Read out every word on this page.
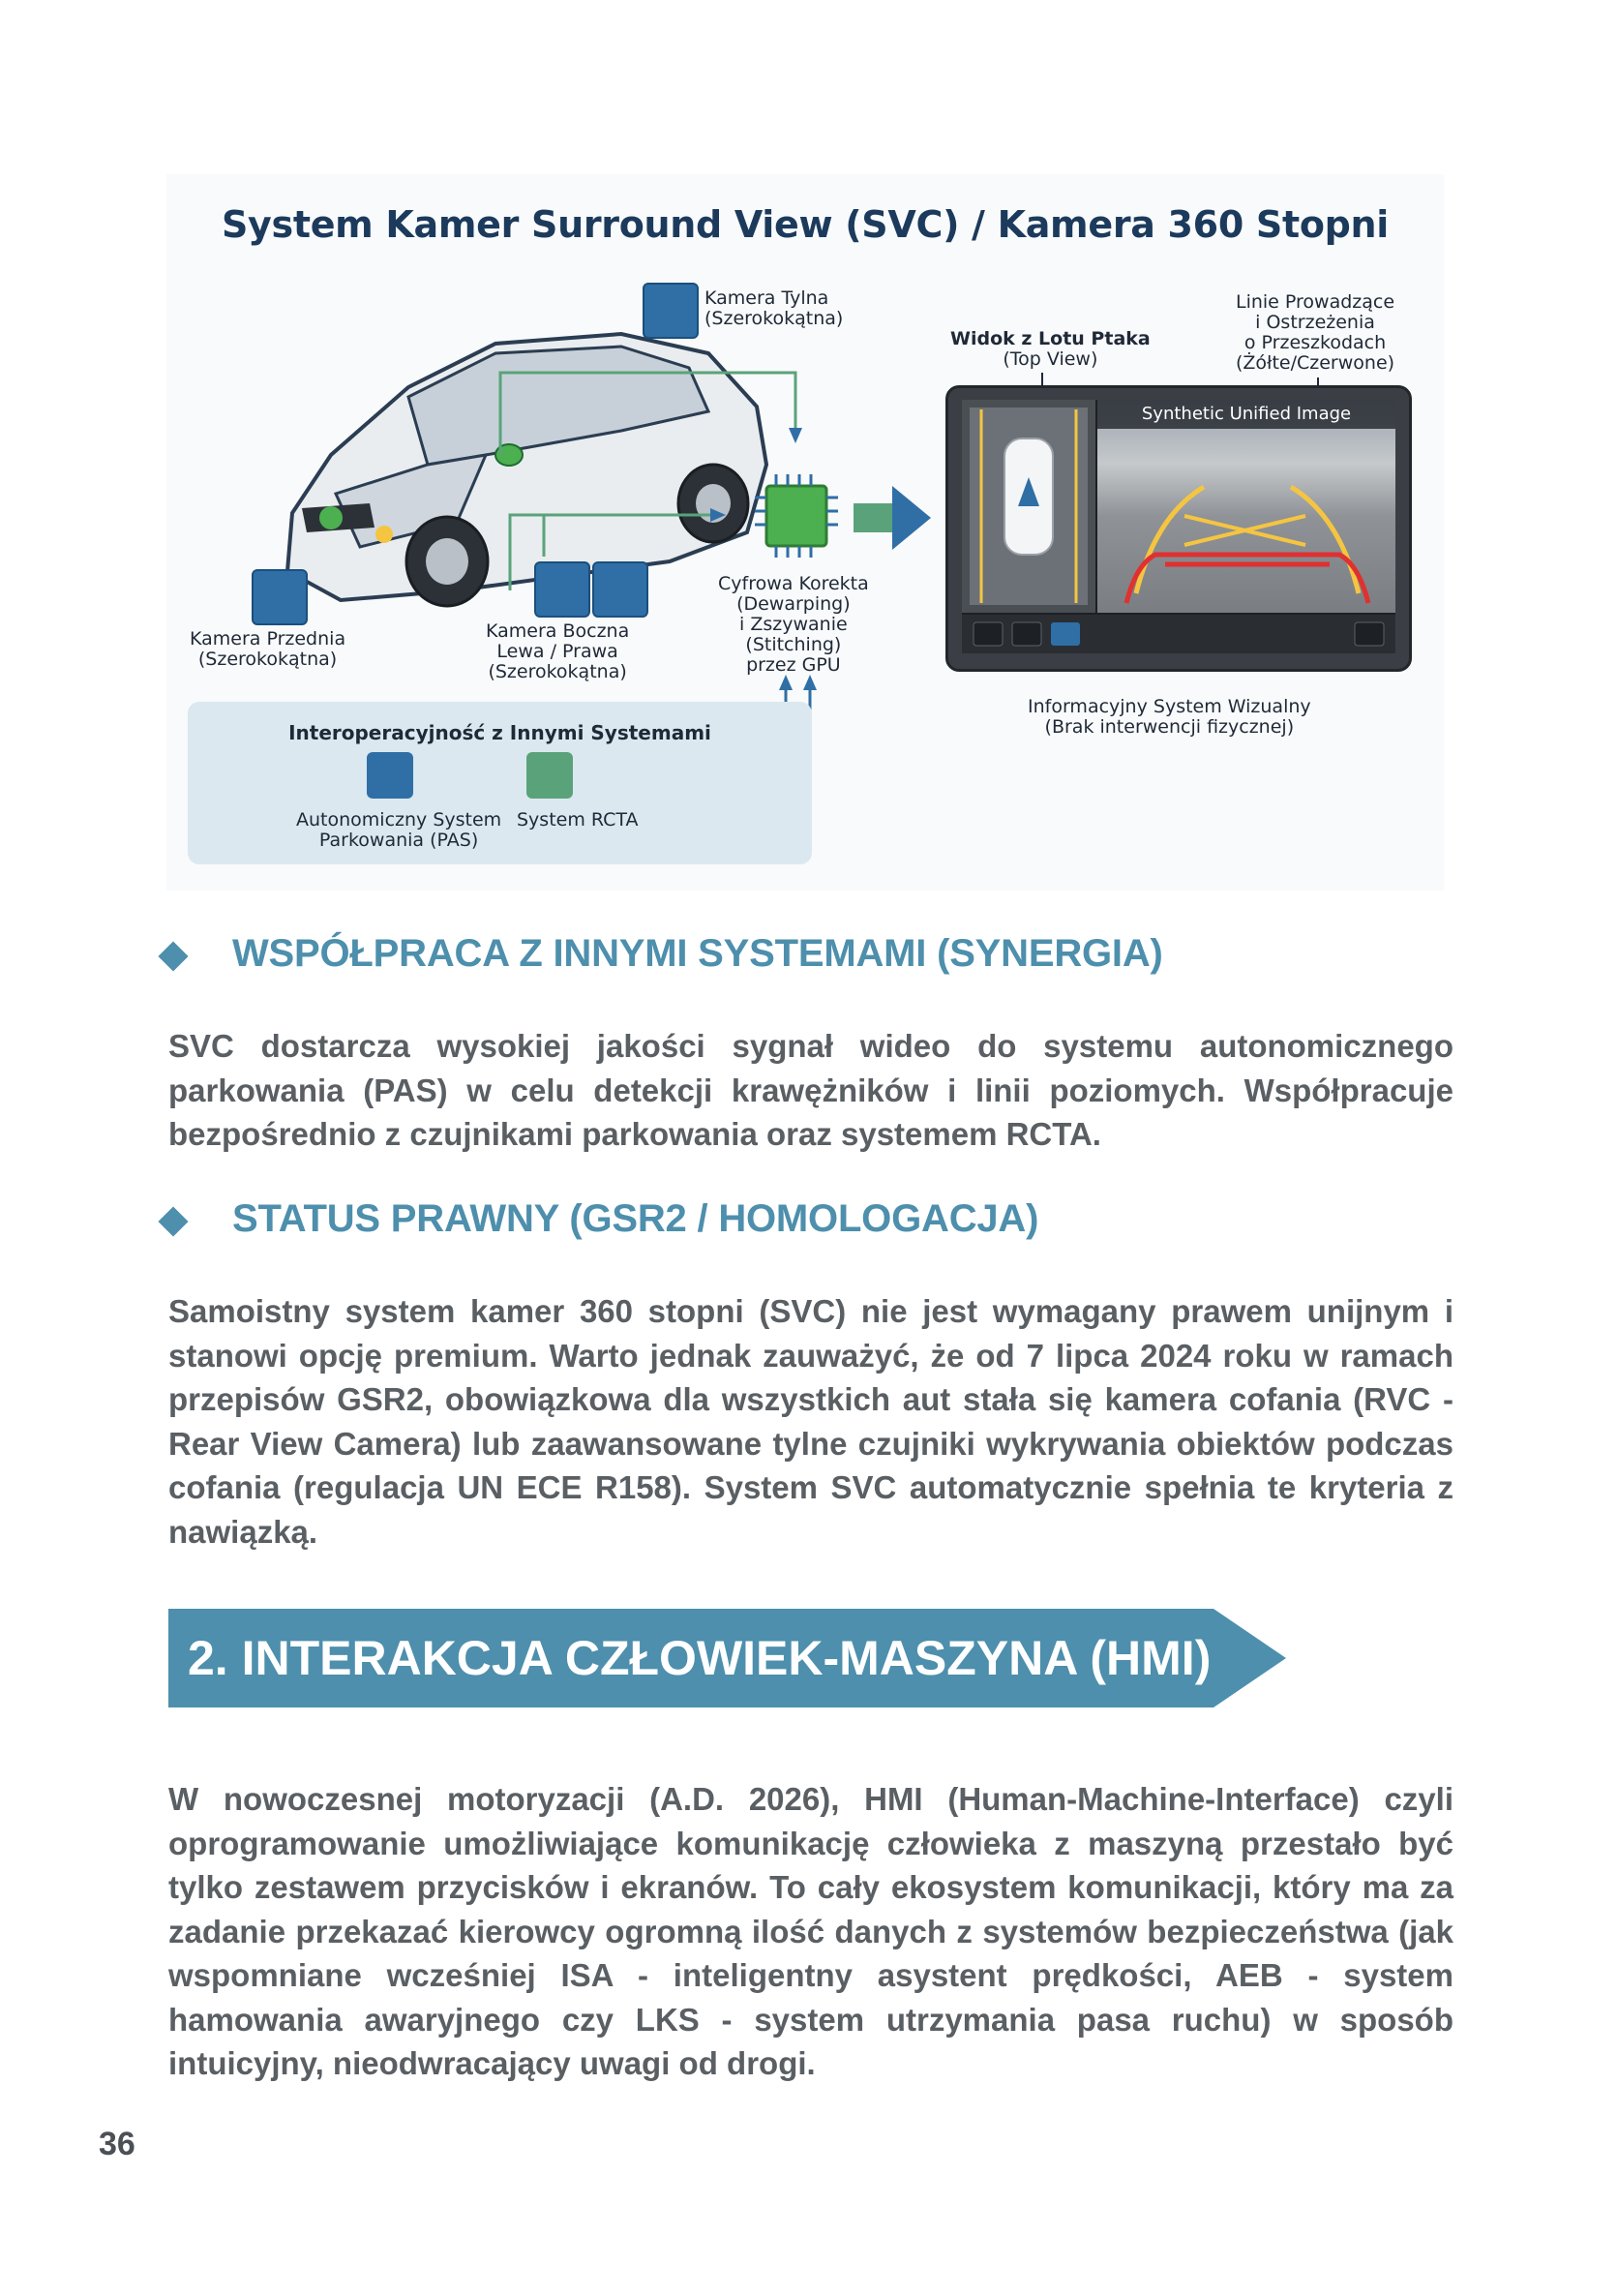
System Kamer Surround View (SVC) / Kamera 360 Stopni
Kamera Tylna
(Szerokokątna)
Kamera Przednia
(Szerokokątna)
Kamera Boczna
Lewa / Prawa
(Szerokokątna)
Cyfrowa Korekta
(Dewarping)
i Zszywanie
(Stitching)
przez GPU
Widok z Lotu Ptaka
(Top View)
Linie Prowadzące
i Ostrzeżenia
o Przeszkodach
(Żółte/Czerwone)
Informacyjny System Wizualny
(Brak interwencji fizycznej)
Synthetic Unified Image
Interoperacyjność z Innymi Systemami
Autonomiczny System
Parkowania (PAS)
System RCTA
WSPÓŁPRACA Z INNYMI SYSTEMAMI (SYNERGIA)
SVC dostarcza wysokiej jakości sygnał wideo do systemu autonomicznego parkowania (PAS) w celu detekcji krawężników i linii poziomych. Współpracuje bezpośrednio z czujnikami parkowania oraz systemem RCTA.
STATUS PRAWNY (GSR2 / HOMOLOGACJA)
Samoistny system kamer 360 stopni (SVC) nie jest wymagany prawem unijnym i stanowi opcję premium. Warto jednak zauważyć, że od 7 lipca 2024 roku w ramach przepisów GSR2, obowiązkowa dla wszystkich aut stała się kamera cofania (RVC - Rear View Camera) lub zaawansowane tylne czujniki wykrywania obiektów podczas cofania (regulacja UN ECE R158). System SVC automatycznie spełnia te kryteria z nawiązką.
2. INTERAKCJA CZŁOWIEK-MASZYNA (HMI)
W nowoczesnej motoryzacji (A.D. 2026), HMI (Human-Machine-Interface) czyli oprogramowanie umożliwiające komunikację człowieka z maszyną przestało być tylko zestawem przycisków i ekranów. To cały ekosystem komunikacji, który ma za zadanie przekazać kierowcy ogromną ilość danych z systemów bezpieczeństwa (jak wspomniane wcześniej ISA - inteligentny asystent prędkości, AEB - system hamowania awaryjnego czy LKS - system utrzymania pasa ruchu) w sposób intuicyjny, nieodwracający uwagi od drogi.
36
